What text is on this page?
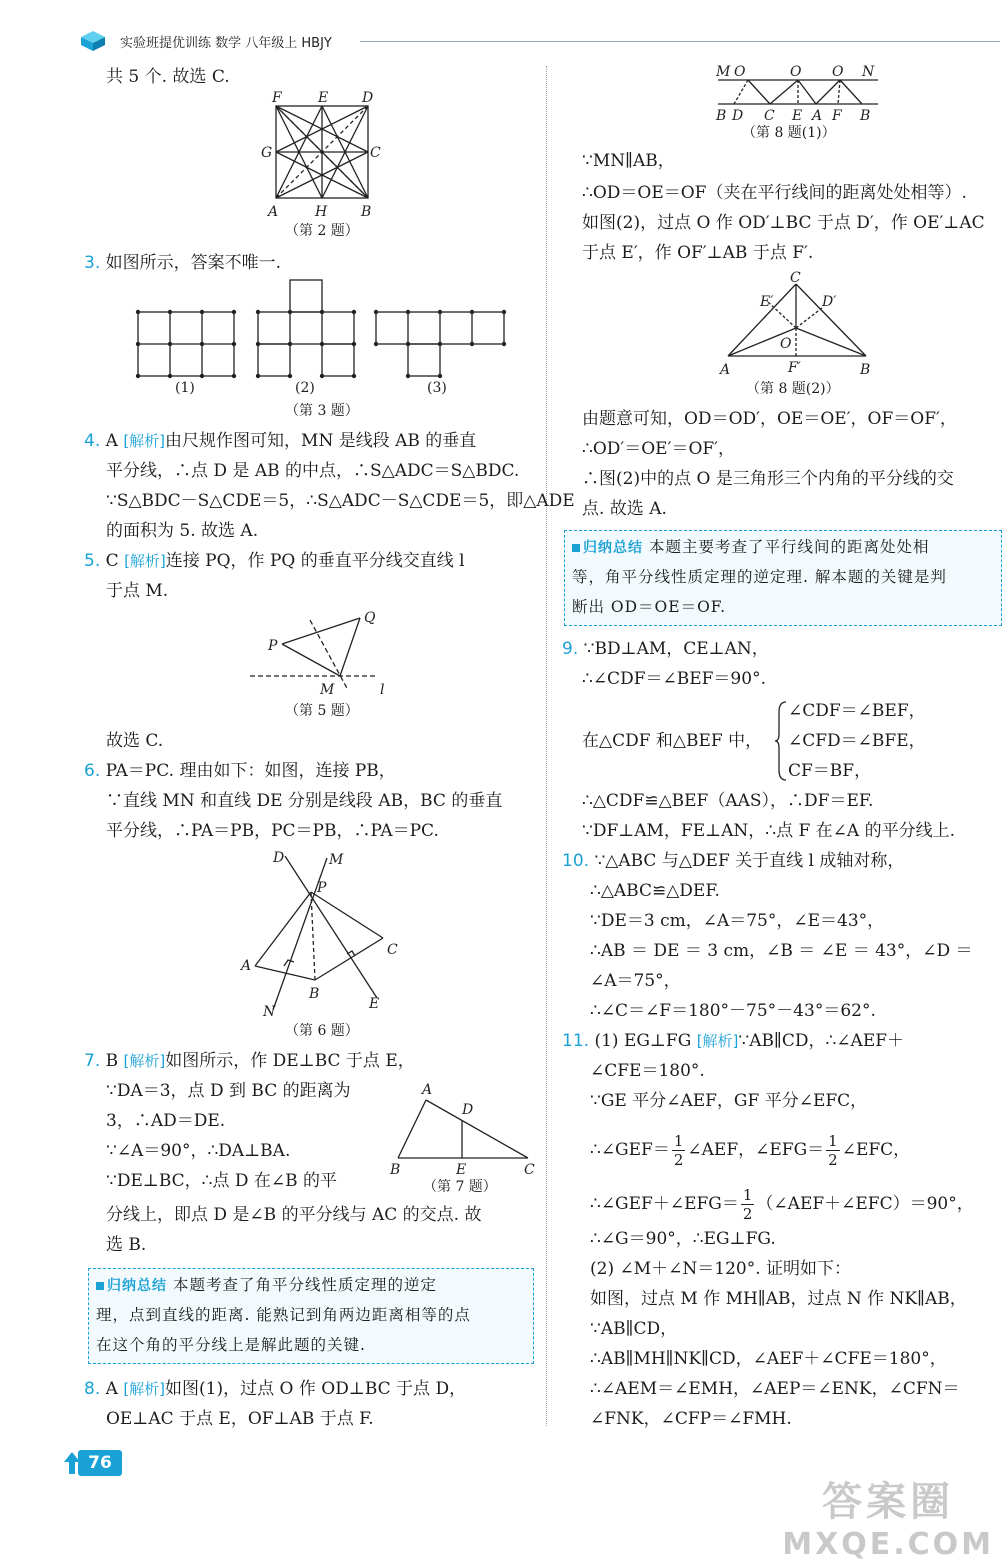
实验班提优训练 数学 八年级上 HBJY
共 5 个. 故选 C.
F	E D
G	C
A	H B
（第 2 题）
3. 如图所示，答案不唯一.
(1)	(2)	(3)
（第 3 题）
4. A [解析]由尺规作图可知，MN 是线段 AB 的垂直
平分线，∴点 D 是 AB 的中点，∴S△ADC＝S△BDC.
∵S△BDC－S△CDE＝5，∴S△ADC－S△CDE＝5，即△ADE
的面积为 5. 故选 A.
5. C [解析]连接 PQ，作 PQ 的垂直平分线交直线 l
于点 M.
P
Q
M	l
（第 5 题）
故选 C.
6. PA＝PC. 理由如下：如图，连接 PB，
∵直线 MN 和直线 DE 分别是线段 AB，BC 的垂直
平分线，∴PA＝PB，PC＝PB，∴PA＝PC.
D	M
P
A
C
B
E
N
（第 6 题）
7. B [解析]如图所示，作 DE⊥BC 于点 E，
∵DA＝3，点 D 到 BC 的距离为
3，∴AD＝DE.
∵∠A＝90°，∴DA⊥BA.
∵DE⊥BC，∴点 D 在∠B 的平
分线上，即点 D 是∠B 的平分线与 AC 的交点. 故
选 B.
A
D
B	E	C
（第 7 题）
归纳总结 本题考查了角平分线性质定理的逆定
理，点到直线的距离. 能熟记到角两边距离相等的点
在这个角的平分线上是解此题的关键.
8. A [解析]如图(1)，过点 O 作 OD⊥BC 于点 D，
OE⊥AC 于点 E，OF⊥AB 于点 F.
M O	O O N
B D C E A F B
（第 8 题(1)）
∵MN∥AB，
∴OD＝OE＝OF（夹在平行线间的距离处处相等）.
如图(2)，过点 O 作 OD′⊥BC 于点 D′，作 OE′⊥AC
于点 E′，作 OF′⊥AB 于点 F′.
C
E′	D′
O
A	F′	B
（第 8 题(2)）
由题意可知，OD＝OD′，OE＝OE′，OF＝OF′，
∴OD′＝OE′＝OF′，
∴图(2)中的点 O 是三角形三个内角的平分线的交
点. 故选 A.
归纳总结 本题主要考查了平行线间的距离处处相
等，角平分线性质定理的逆定理. 解本题的关键是判
断出 OD＝OE＝OF.
9. ∵BD⊥AM，CE⊥AN，
∴∠CDF＝∠BEF＝90°.
在△CDF 和△BEF 中，
∠CDF＝∠BEF，
∠CFD＝∠BFE，
CF＝BF，
∴△CDF≌△BEF（AAS），∴DF＝EF.
∵DF⊥AM，FE⊥AN，∴点 F 在∠A 的平分线上.
10. ∵△ABC 与△DEF 关于直线 l 成轴对称，
∴△ABC≌△DEF.
∵DE＝3 cm，∠A＝75°，∠E＝43°，
∴AB ＝ DE ＝ 3 cm，∠B ＝ ∠E ＝ 43°，∠D ＝
∠A＝75°，
∴∠C＝∠F＝180°－75°－43°＝62°.
11. (1) EG⊥FG [解析]∵AB∥CD，∴∠AEF＋
∠CFE＝180°.
∵GE 平分∠AEF，GF 平分∠EFC，
∴∠GEF＝ $\frac{1}{2}$ ∠AEF，∠EFG＝ $\frac{1}{2}$ ∠EFC，
∴∠GEF＋∠EFG＝ $\frac{1}{2}$ （∠AEF＋∠EFC）＝90°，
∴∠G＝90°，∴EG⊥FG.
(2) ∠M＋∠N＝120°. 证明如下：
如图，过点 M 作 MH∥AB，过点 N 作 NK∥AB，
∵AB∥CD，
∴AB∥MH∥NK∥CD，∠AEF＋∠CFE＝180°，
∴∠AEM＝∠EMH，∠AEP＝∠ENK，∠CFN＝
∠FNK，∠CFP＝∠FMH.
76
答案圈
MXQE.COM
